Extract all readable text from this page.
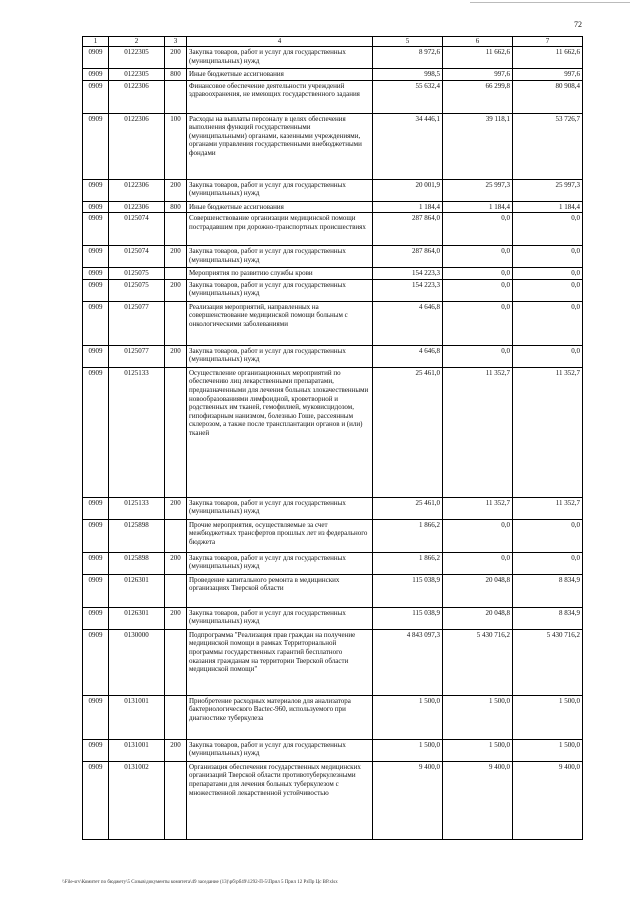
72
1	2	3	4	5	6	7
0909	0122305	200	Закупка товаров, работ и услуг для государственных (муниципальных) нужд	8 972,6	11 662,6	11 662,6
0909	0122305	800	Иные бюджетные ассигнования	998,5	997,6	997,6
0909	0122306		Финансовое обеспечение деятельности учреждений здравоохранения, не имеющих государственного задания	55 632,4	66 299,8	80 908,4
0909	0122306	100	Расходы на выплаты персоналу в целях обеспечения выполнения функций государственными (муниципальными) органами, казенными учреждениями, органами управления государственными внебюджетными фондами	34 446,1	39 118,1	53 726,7
0909	0122306	200	Закупка товаров, работ и услуг для государственных (муниципальных) нужд	20 001,9	25 997,3	25 997,3
0909	0122306	800	Иные бюджетные ассигнования	1 184,4	1 184,4	1 184,4
0909	0125074		Совершенствование организации медицинской помощи пострадавшим при дорожно-транспортных происшествиях	287 864,0	0,0	0,0
0909	0125074	200	Закупка товаров, работ и услуг для государственных (муниципальных) нужд	287 864,0	0,0	0,0
0909	0125075		Мероприятия по развитию службы крови	154 223,3	0,0	0,0
0909	0125075	200	Закупка товаров, работ и услуг для государственных (муниципальных) нужд	154 223,3	0,0	0,0
0909	0125077		Реализация мероприятий, направленных на совершенствование медицинской помощи больным с онкологическими заболеваниями	4 646,8	0,0	0,0
0909	0125077	200	Закупка товаров, работ и услуг для государственных (муниципальных) нужд	4 646,8	0,0	0,0
0909	0125133		Осуществление организационных мероприятий по обеспечению лиц лекарственными препаратами, предназначенными для лечения больных злокачественными новообразованиями лимфоидной, кроветворной и родственных им тканей, гемофилией, муковисцидозом, гипофизарным нанизмом, болезнью Гоше, рассеянным склерозом, а также после трансплантации органов и (или) тканей	25 461,0	11 352,7	11 352,7
0909	0125133	200	Закупка товаров, работ и услуг для государственных (муниципальных) нужд	25 461,0	11 352,7	11 352,7
0909	0125898		Прочие мероприятия, осуществляемые за счет межбюджетных трансфертов прошлых лет из федерального бюджета	1 866,2	0,0	0,0
0909	0125898	200	Закупка товаров, работ и услуг для государственных (муниципальных) нужд	1 866,2	0,0	0,0
0909	0126301		Проведение капитального ремонта в медицинских организациях Тверской области	115 038,9	20 048,8	8 834,9
0909	0126301	200	Закупка товаров, работ и услуг для государственных (муниципальных) нужд	115 038,9	20 048,8	8 834,9
0909	0130000		Подпрограмма "Реализация прав граждан на получение медицинской помощи в рамках Территориальной программы государственных гарантий бесплатного оказания гражданам на территории Тверской области медицинской помощи"	4 843 097,3	5 430 716,2	5 430 716,2
0909	0131001		Приобретение расходных материалов для анализатора бактериологического Bactec-960, используемого при диагностике туберкулеза	1 500,0	1 500,0	1 500,0
0909	0131001	200	Закупка товаров, работ и услуг для государственных (муниципальных) нужд	1 500,0	1 500,0	1 500,0
0909	0131002		Организация обеспечения государственных медицинских организаций Тверской области противотуберкулезными препаратами для лечения больных туберкулезом с множественной лекарственной устойчивостью	9 400,0	9 400,0	9 400,0
\\File-srv\Комитет по бюджету\5 Созыв\документы комитета\49 заседание (13)\рб\рб49\1292-П-5\Прил 5 Прил 12 РзПр Цс ВР.xlsx
